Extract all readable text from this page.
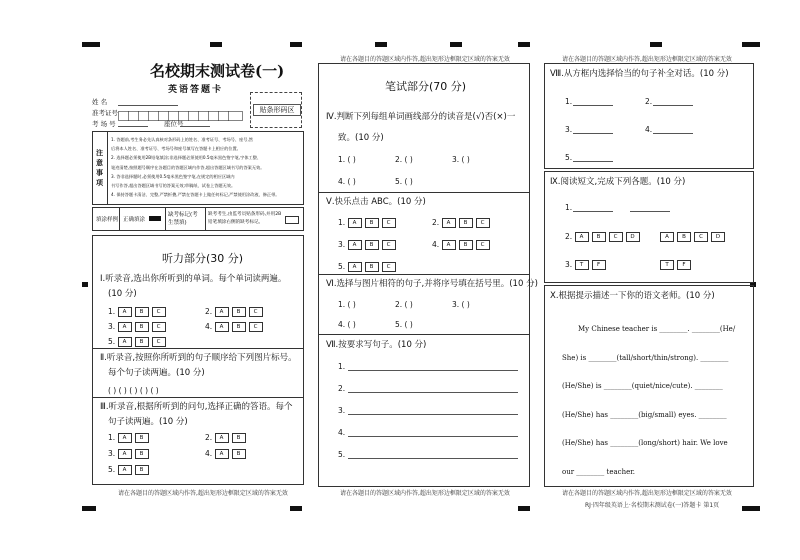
名校期末测试卷(一)
英语答题卡
姓 名
准考证号
考 场 号	座位号
贴条形码区
注意事项
1. 答题前,考生务必先认真核对条形码上的姓名、准考证号、考场号、座号,然
后将本人姓名、准考证号、考场号和座号填写在答题卡上相应的位置。
2. 选择题必须使用2B铅笔填涂;非选择题必须使用0.5毫米黑色签字笔,字体工整、
笔迹清楚,按照题号顺序在各题目的答题区域内作答,超出答题区域书写的答案无效。
3. 答非选择题时,必须使用0.5毫米黑色签字笔,在规定的相应区域内
书写作答,超出答题区域书写的答案无效;草稿纸、试卷上答题无效。
4. 保持答题卡清洁、完整,严禁折叠,严禁在答题卡上做任何标记,严禁使用涂改液、修正带。
填涂样例 正确填涂
缺考标记(考生禁填)
缺考考生,由监考员贴条形码,并用2B铅笔填涂右侧的缺考标记。
听力部分(30 分)
Ⅰ.听录音,选出你所听到的单词。每个单词读两遍。
(10 分)
1. A B C	2. A B C
3. A B C	4. A B C
5. A B C
Ⅱ.听录音,按照你所听到的句子顺序给下列图片标号。
每个句子读两遍。(10 分)
( ) ( ) ( ) ( ) ( )
Ⅲ.听录音,根据所听到的问句,选择正确的答语。每个
句子读两遍。(10 分)
1. A B	2. A B
3. A B	4. A B
5. A B
请在各题目的答题区域内作答,超出矩形边框限定区域的答案无效
请在各题目的答题区域内作答,超出矩形边框限定区域的答案无效
笔试部分(70 分)
Ⅳ.判断下列每组单词画线部分的读音是(√)否(×)一
致。(10 分)
1. ( )	2. ( )	3. ( )
4. ( )	5. ( )
Ⅴ.快乐点击 ABC。(10 分)
1. A B C	2. A B C
3. A B C	4. A B C
5. A B C
Ⅵ.选择与图片相符的句子,并将序号填在括号里。(10 分)
1. ( )	2. ( )	3. ( )
4. ( )	5. ( )
Ⅶ.按要求写句子。(10 分)
1.
2.
3.
4.
5.
请在各题目的答题区域内作答,超出矩形边框限定区域的答案无效
请在各题目的答题区域内作答,超出矩形边框限定区域的答案无效
Ⅷ.从方框内选择恰当的句子补全对话。(10 分)
1.	2.
3.	4.
5.
Ⅸ.阅读短文,完成下列各题。(10 分)
1.
2. A B C D	A B C D
3. T F	T F
Ⅹ.根据提示描述一下你的语文老师。(10 分)
My Chinese teacher is ________. ________(He/
She) is ________(tall/short/thin/strong). ________
(He/She) is ________(quiet/nice/cute). ________
(He/She) has ________(big/small) eyes. ________
(He/She) has ________(long/short) hair. We love
our ________ teacher.
请在各题目的答题区域内作答,超出矩形边框限定区域的答案无效
RJ·四年级英语上·名校期末测试卷(一)答题卡 第1页
